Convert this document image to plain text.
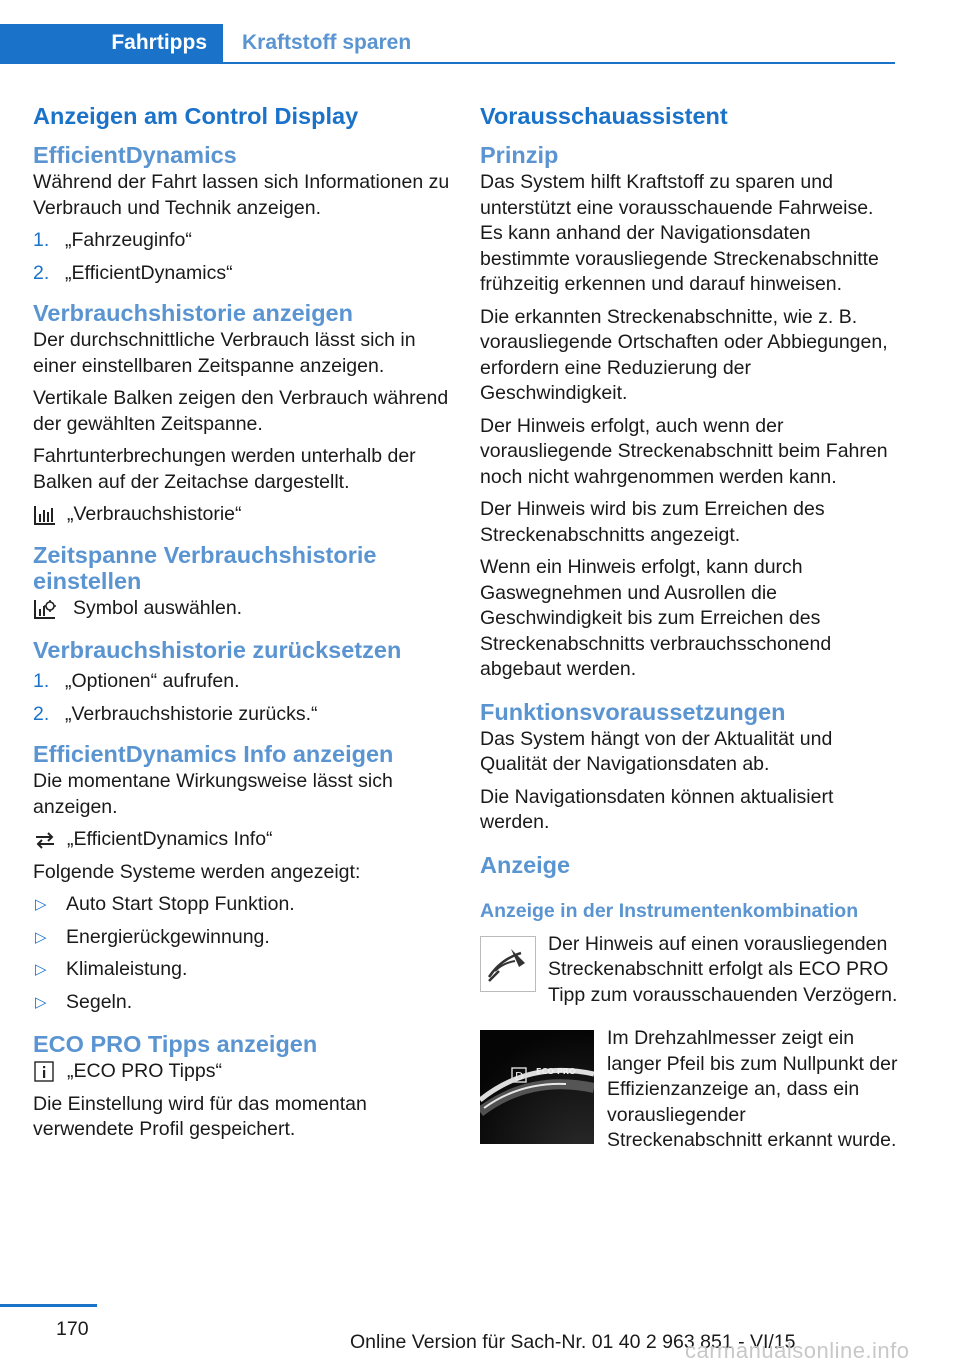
Fahrtipps	Kraftstoff sparen
Anzeigen am Control Display
EfficientDynamics

Während der Fahrt lassen sich Informationen zu Verbrauch und Technik anzeigen.

1. „Fahrzeuginfo“
2. „EfficientDynamics“
Verbrauchshistorie anzeigen

Der durchschnittliche Verbrauch lässt sich in einer einstellbaren Zeitspanne anzeigen.

Vertikale Balken zeigen den Verbrauch während der gewählten Zeitspanne.

Fahrtunterbrechungen werden unterhalb der Balken auf der Zeitachse dargestellt.

„Verbrauchshistorie“
Zeitspanne Verbrauchshistorie einstellen
Symbol auswählen.
Verbrauchshistorie zurücksetzen
1. „Optionen“ aufrufen.
2. „Verbrauchshistorie zurücks.“
EfficientDynamics Info anzeigen

Die momentane Wirkungsweise lässt sich anzeigen.

„EfficientDynamics Info“

Folgende Systeme werden angezeigt:

▷ Auto Start Stopp Funktion.
▷ Energierückgewinnung.
▷ Klimaleistung.
▷ Segeln.
ECO PRO Tipps anzeigen
„ECO PRO Tipps“

Die Einstellung wird für das momentan verwendete Profil gespeichert.

Vorausschauassistent
Prinzip

Das System hilft Kraftstoff zu sparen und unterstützt eine vorausschauende Fahrweise. Es kann anhand der Navigationsdaten bestimmte vorausliegende Streckenabschnitte frühzeitig erkennen und darauf hinweisen.

Die erkannten Streckenabschnitte, wie z. B. vorausliegende Ortschaften oder Abbiegungen, erfordern eine Reduzierung der Geschwindigkeit.

Der Hinweis erfolgt, auch wenn der vorausliegende Streckenabschnitt beim Fahren noch nicht wahrgenommen werden kann.

Der Hinweis wird bis zum Erreichen des Streckenabschnitts angezeigt.

Wenn ein Hinweis erfolgt, kann durch Gaswegnehmen und Ausrollen die Geschwindigkeit bis zum Erreichen des Streckenabschnitts verbrauchsschonend abgebaut werden.

Funktionsvoraussetzungen

Das System hängt von der Aktualität und Qualität der Navigationsdaten ab.

Die Navigationsdaten können aktualisiert werden.

Anzeige
Anzeige in der Instrumentenkombination

Der Hinweis auf einen vorausliegenden Streckenabschnitt erfolgt als ECO PRO Tipp zum vorausschauenden Verzögern.

D ECO PRO

Im Drehzahlmesser zeigt ein langer Pfeil bis zum Nullpunkt der Effizienzanzeige an, dass ein vorausliegender Streckenabschnitt erkannt wurde.

170
Online Version für Sach-Nr. 01 40 2 963 851 - VI/15
carmanualsonline.info
